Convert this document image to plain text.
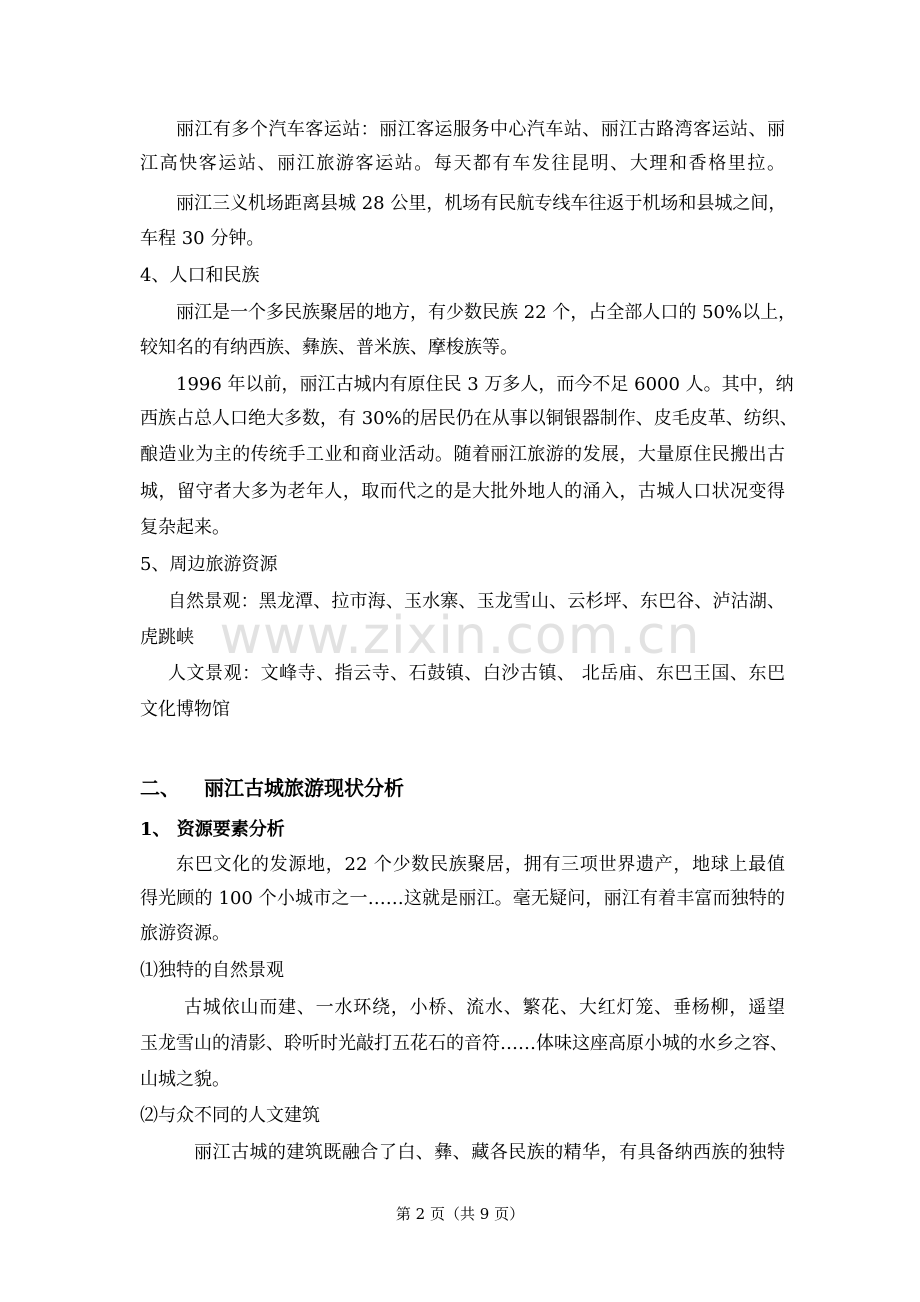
www.zixin.com.cn
丽江有多个汽车客运站：丽江客运服务中心汽车站、丽江古路湾客运站、丽
江高快客运站、丽江旅游客运站。每天都有车发往昆明、大理和香格里拉。
丽江三义机场距离县城 28 公里，机场有民航专线车往返于机场和县城之间，
车程 30 分钟。
4、人口和民族
丽江是一个多民族聚居的地方，有少数民族 22 个，占全部人口的 50%以上，
较知名的有纳西族、彝族、普米族、摩梭族等。
1996 年以前，丽江古城内有原住民 3 万多人，而今不足 6000 人。其中，纳
西族占总人口绝大多数，有 30%的居民仍在从事以铜银器制作、皮毛皮革、纺织、
酿造业为主的传统手工业和商业活动。随着丽江旅游的发展，大量原住民搬出古
城，留守者大多为老年人，取而代之的是大批外地人的涌入，古城人口状况变得
复杂起来。
5、周边旅游资源
自然景观：黑龙潭、拉市海、玉水寨、玉龙雪山、云杉坪、东巴谷、泸沽湖、
虎跳峡
人文景观：文峰寺、指云寺、石鼓镇、白沙古镇、 北岳庙、东巴王国、东巴
文化博物馆
二、 丽江古城旅游现状分析
1、 资源要素分析
东巴文化的发源地，22 个少数民族聚居，拥有三项世界遗产，地球上最值
得光顾的 100 个小城市之一……这就是丽江。毫无疑问，丽江有着丰富而独特的
旅游资源。
⑴独特的自然景观
古城依山而建、一水环绕，小桥、流水、繁花、大红灯笼、垂杨柳，遥望
玉龙雪山的清影、聆听时光敲打五花石的音符……体味这座高原小城的水乡之容、
山城之貌。
⑵与众不同的人文建筑
丽江古城的建筑既融合了白、彝、藏各民族的精华，有具备纳西族的独特
第 2 页（共 9 页）
